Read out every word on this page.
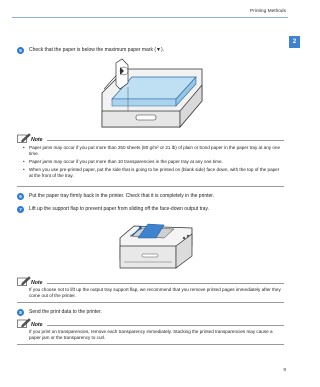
Printing Methods
2
5	Check that the paper is below the maximum paper mark (▼).
Note
• Paper jams may occur if you put more than 250 sheets (80 g/m² or 21 lb) of plain or bond paper in the paper tray at any one time.
• Paper jams may occur if you put more than 10 transparencies in the paper tray at any one time.
• When you use pre-printed paper, put the side that is going to be printed on (blank side) face down, with the top of the paper at the front of the tray.
6	Put the paper tray firmly back in the printer. Check that it is completely in the printer.
7	Lift up the support flap to prevent paper from sliding off the face-down output tray.
Note
If you choose not to lift up the output tray support flap, we recommend that you remove printed pages immediately after they come out of the printer.
8	Send the print data to the printer.
Note
If you print on transparencies, remove each transparency immediately. Stacking the printed transparencies may cause a paper jam or the transparency to curl.
9
